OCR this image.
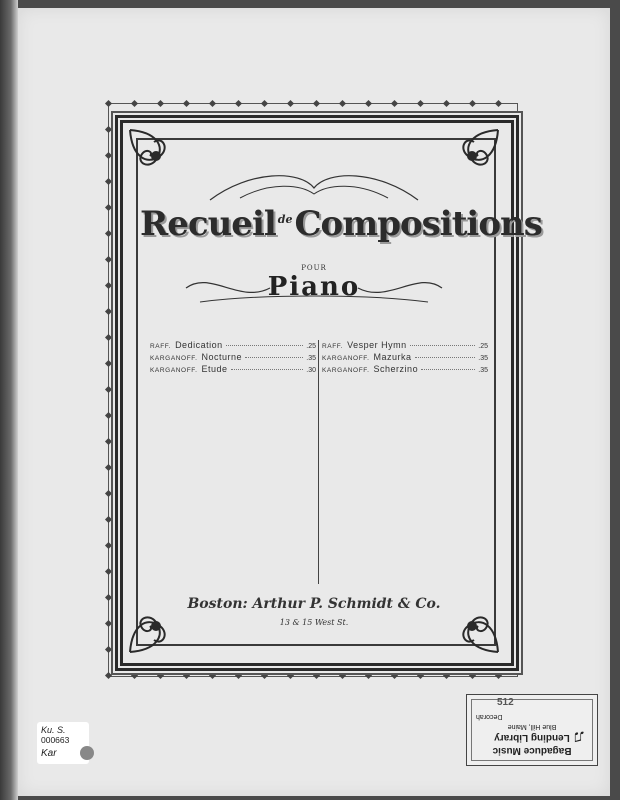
Recueil $^{de}$Compositions
POUR
Piano
RAFF. Dedication	.25
KARGANOFF. Nocturne	.35
KARGANOFF. Etude	.30
RAFF. Vesper Hymn	.25
KARGANOFF. Mazurka	.35
KARGANOFF. Scherzino	.35
Boston: Arthur P. Schmidt & Co.
13 & 15 West St.
Bagaduce Music
Lending Library
Blue Hill, Maine
Decorah
♫
512
Ku. S.
000663
Kar
